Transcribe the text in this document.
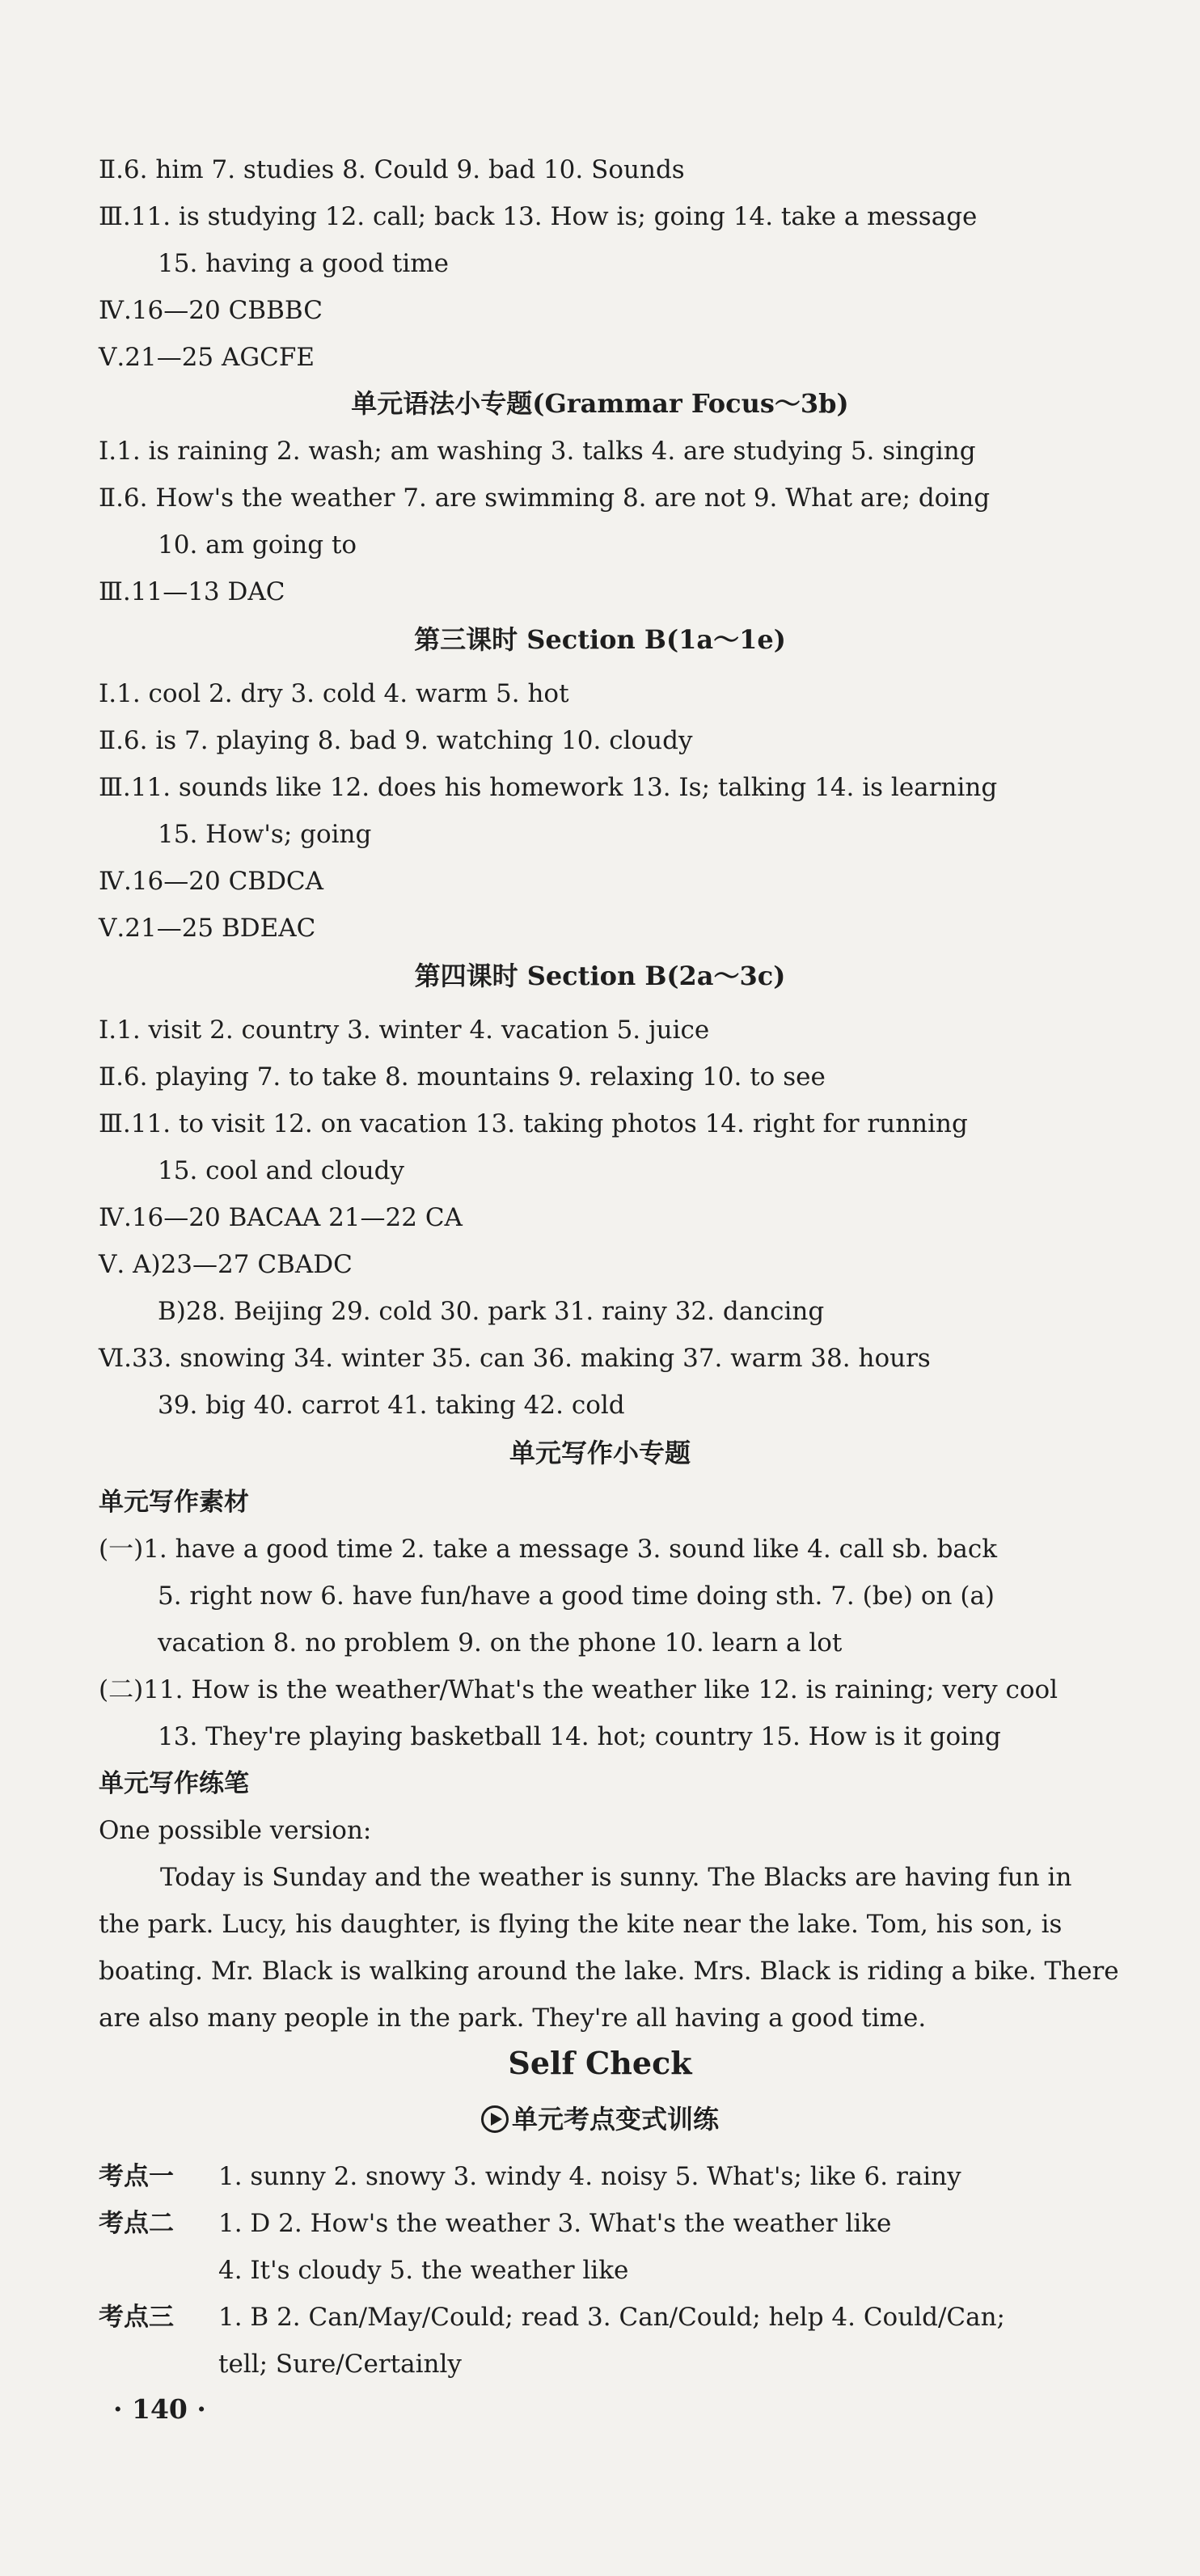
Ⅱ.6. him 7. studies 8. Could 9. bad 10. Sounds
Ⅲ.11. is studying 12. call; back 13. How is; going 14. take a message
15. having a good time
Ⅳ.16—20 CBBBC
Ⅴ.21—25 AGCFE
单元语法小专题(Grammar Focus～3b)
Ⅰ.1. is raining 2. wash; am washing 3. talks 4. are studying 5. singing
Ⅱ.6. How's the weather 7. are swimming 8. are not 9. What are; doing
10. am going to
Ⅲ.11—13 DAC
第三课时 Section B(1a～1e)
Ⅰ.1. cool 2. dry 3. cold 4. warm 5. hot
Ⅱ.6. is 7. playing 8. bad 9. watching 10. cloudy
Ⅲ.11. sounds like 12. does his homework 13. Is; talking 14. is learning
15. How's; going
Ⅳ.16—20 CBDCA
Ⅴ.21—25 BDEAC
第四课时 Section B(2a～3c)
Ⅰ.1. visit 2. country 3. winter 4. vacation 5. juice
Ⅱ.6. playing 7. to take 8. mountains 9. relaxing 10. to see
Ⅲ.11. to visit 12. on vacation 13. taking photos 14. right for running
15. cool and cloudy
Ⅳ.16—20 BACAA 21—22 CA
Ⅴ. A)23—27 CBADC
B)28. Beijing 29. cold 30. park 31. rainy 32. dancing
Ⅵ.33. snowing 34. winter 35. can 36. making 37. warm 38. hours
39. big 40. carrot 41. taking 42. cold
单元写作小专题
单元写作素材
(一)1. have a good time 2. take a message 3. sound like 4. call sb. back
5. right now 6. have fun/have a good time doing sth. 7. (be) on (a)
vacation 8. no problem 9. on the phone 10. learn a lot
(二)11. How is the weather/What's the weather like 12. is raining; very cool
13. They're playing basketball 14. hot; country 15. How is it going
单元写作练笔
One possible version:
Today is Sunday and the weather is sunny. The Blacks are having fun in
the park. Lucy, his daughter, is flying the kite near the lake. Tom, his son, is
boating. Mr. Black is walking around the lake. Mrs. Black is riding a bike. There
are also many people in the park. They're all having a good time.
Self Check
单元考点变式训练
考点一 1. sunny 2. snowy 3. windy 4. noisy 5. What's; like 6. rainy
考点二 1. D 2. How's the weather 3. What's the weather like
4. It's cloudy 5. the weather like
考点三 1. B 2. Can/May/Could; read 3. Can/Could; help 4. Could/Can;
tell; Sure/Certainly
· 140 ·
